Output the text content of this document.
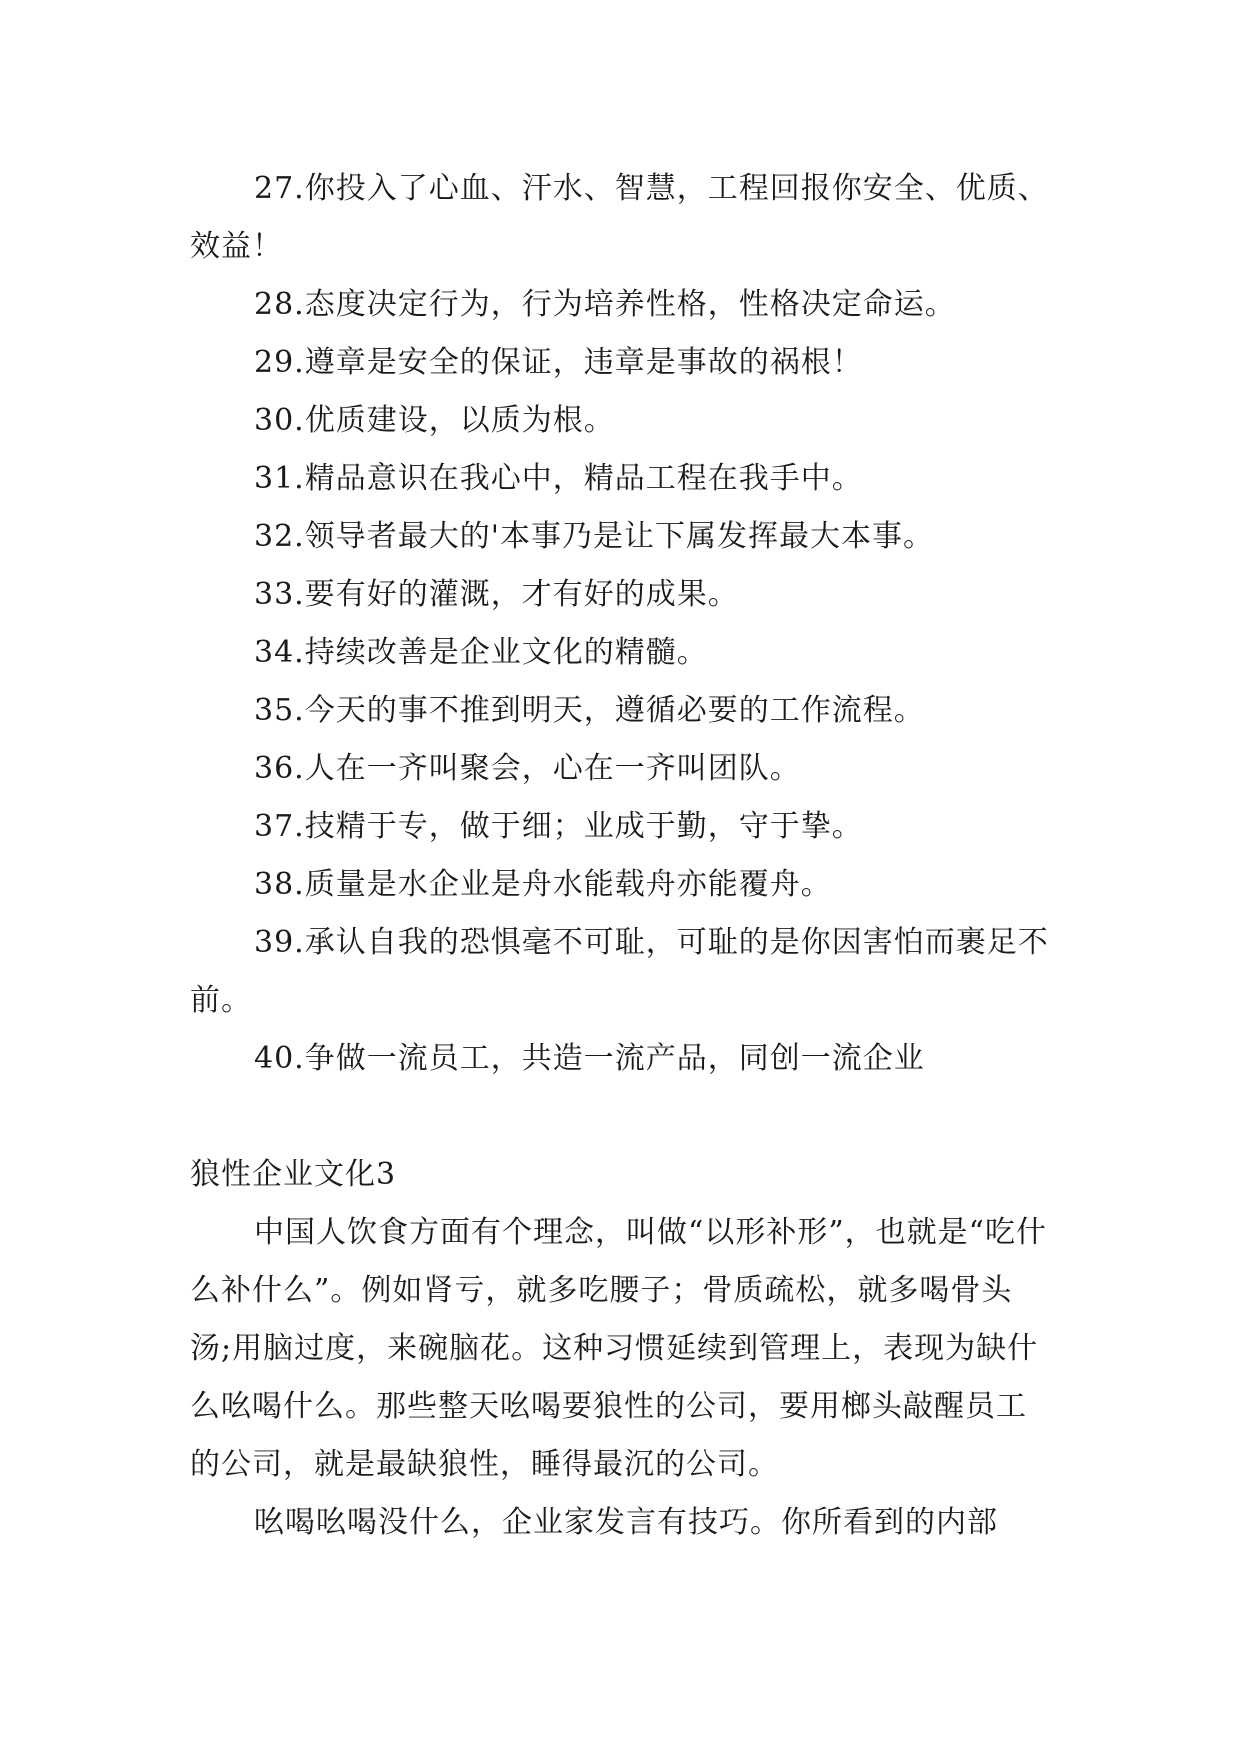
27.你投入了心血、汗水、智慧，工程回报你安全、优质、效益！

28.态度决定行为，行为培养性格，性格决定命运。

29.遵章是安全的保证，违章是事故的祸根！

30.优质建设，以质为根。

31.精品意识在我心中，精品工程在我手中。

32.领导者最大的'本事乃是让下属发挥最大本事。

33.要有好的灌溉，才有好的成果。

34.持续改善是企业文化的精髓。

35.今天的事不推到明天，遵循必要的工作流程。

36.人在一齐叫聚会，心在一齐叫团队。

37.技精于专，做于细；业成于勤，守于挚。

38.质量是水企业是舟水能载舟亦能覆舟。

39.承认自我的恐惧毫不可耻，可耻的是你因害怕而裹足不前。

40.争做一流员工，共造一流产品，同创一流企业

狼性企业文化3

中国人饮食方面有个理念，叫做“以形补形”，也就是“吃什么补什么”。例如肾亏，就多吃腰子；骨质疏松，就多喝骨头汤;用脑过度，来碗脑花。这种习惯延续到管理上，表现为缺什么吆喝什么。那些整天吆喝要狼性的公司，要用榔头敲醒员工的公司，就是最缺狼性，睡得最沉的公司。

吆喝吆喝没什么，企业家发言有技巧。你所看到的内部
